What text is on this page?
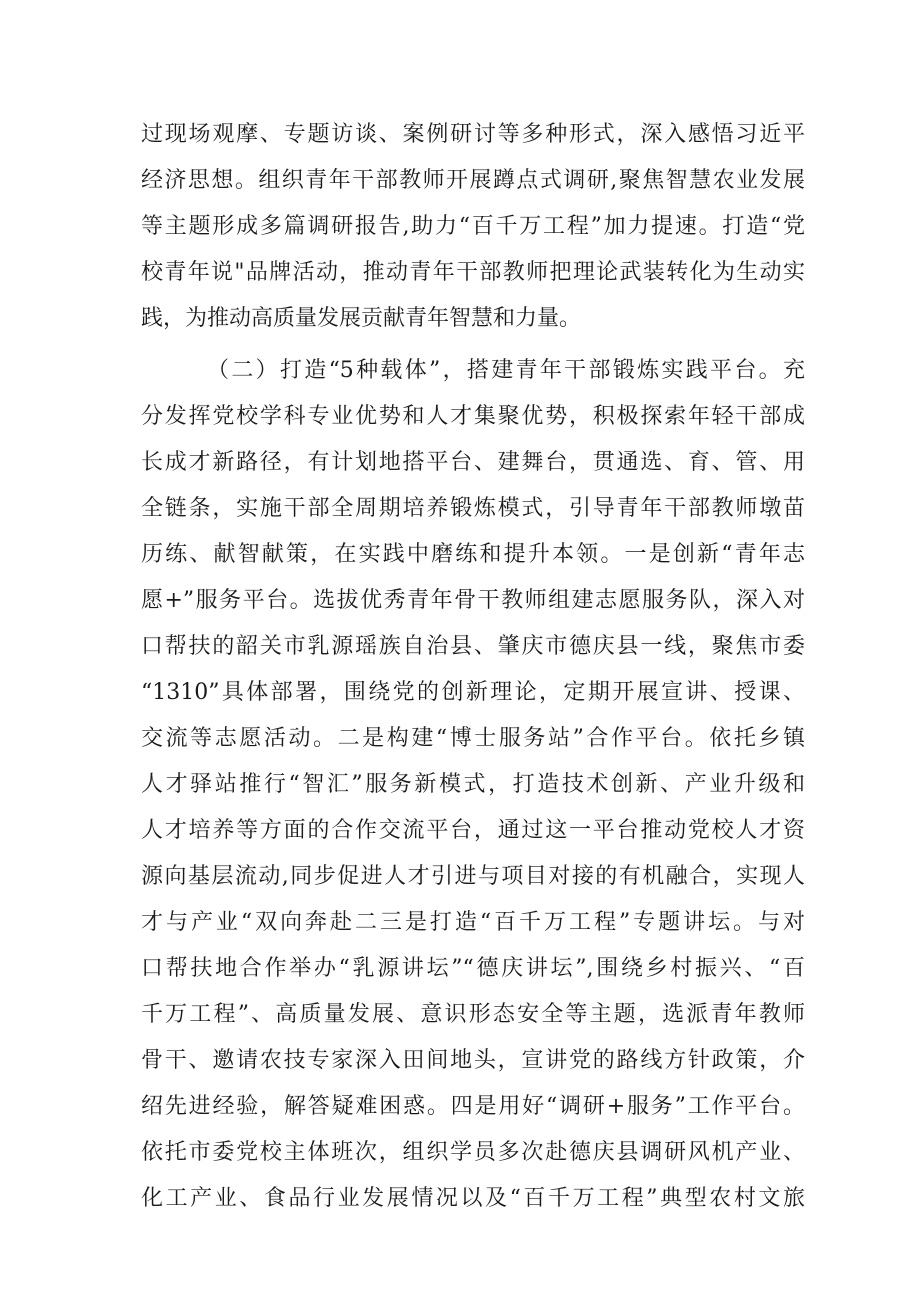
过现场观摩、专题访谈、案例研讨等多种形式，深入感悟习近平
经济思想。组织青年干部教师开展蹲点式调研,聚焦智慧农业发展
等主题形成多篇调研报告,助力“百千万工程”加力提速。打造“党
校青年说"品牌活动，推动青年干部教师把理论武装转化为生动实
践，为推动高质量发展贡献青年智慧和力量。
（二）打造“5种载体”，搭建青年干部锻炼实践平台。充
分发挥党校学科专业优势和人才集聚优势，积极探索年轻干部成
长成才新路径，有计划地搭平台、建舞台，贯通选、育、管、用
全链条，实施干部全周期培养锻炼模式，引导青年干部教师墩苗
历练、献智献策，在实践中磨练和提升本领。一是创新“青年志
愿+”服务平台。选拔优秀青年骨干教师组建志愿服务队，深入对
口帮扶的韶关市乳源瑶族自治县、肇庆市德庆县一线，聚焦市委
“1310”具体部署，围绕党的创新理论，定期开展宣讲、授课、
交流等志愿活动。二是构建“博士服务站”合作平台。依托乡镇
人才驿站推行“智汇”服务新模式，打造技术创新、产业升级和
人才培养等方面的合作交流平台，通过这一平台推动党校人才资
源向基层流动,同步促进人才引进与项目对接的有机融合，实现人
才与产业“双向奔赴二三是打造“百千万工程”专题讲坛。与对
口帮扶地合作举办“乳源讲坛”“德庆讲坛”,围绕乡村振兴、“百
千万工程”、高质量发展、意识形态安全等主题，选派青年教师
骨干、邀请农技专家深入田间地头，宣讲党的路线方针政策，介
绍先进经验，解答疑难困惑。四是用好“调研+服务”工作平台。
依托市委党校主体班次，组织学员多次赴德庆县调研风机产业、
化工产业、食品行业发展情况以及“百千万工程”典型农村文旅
